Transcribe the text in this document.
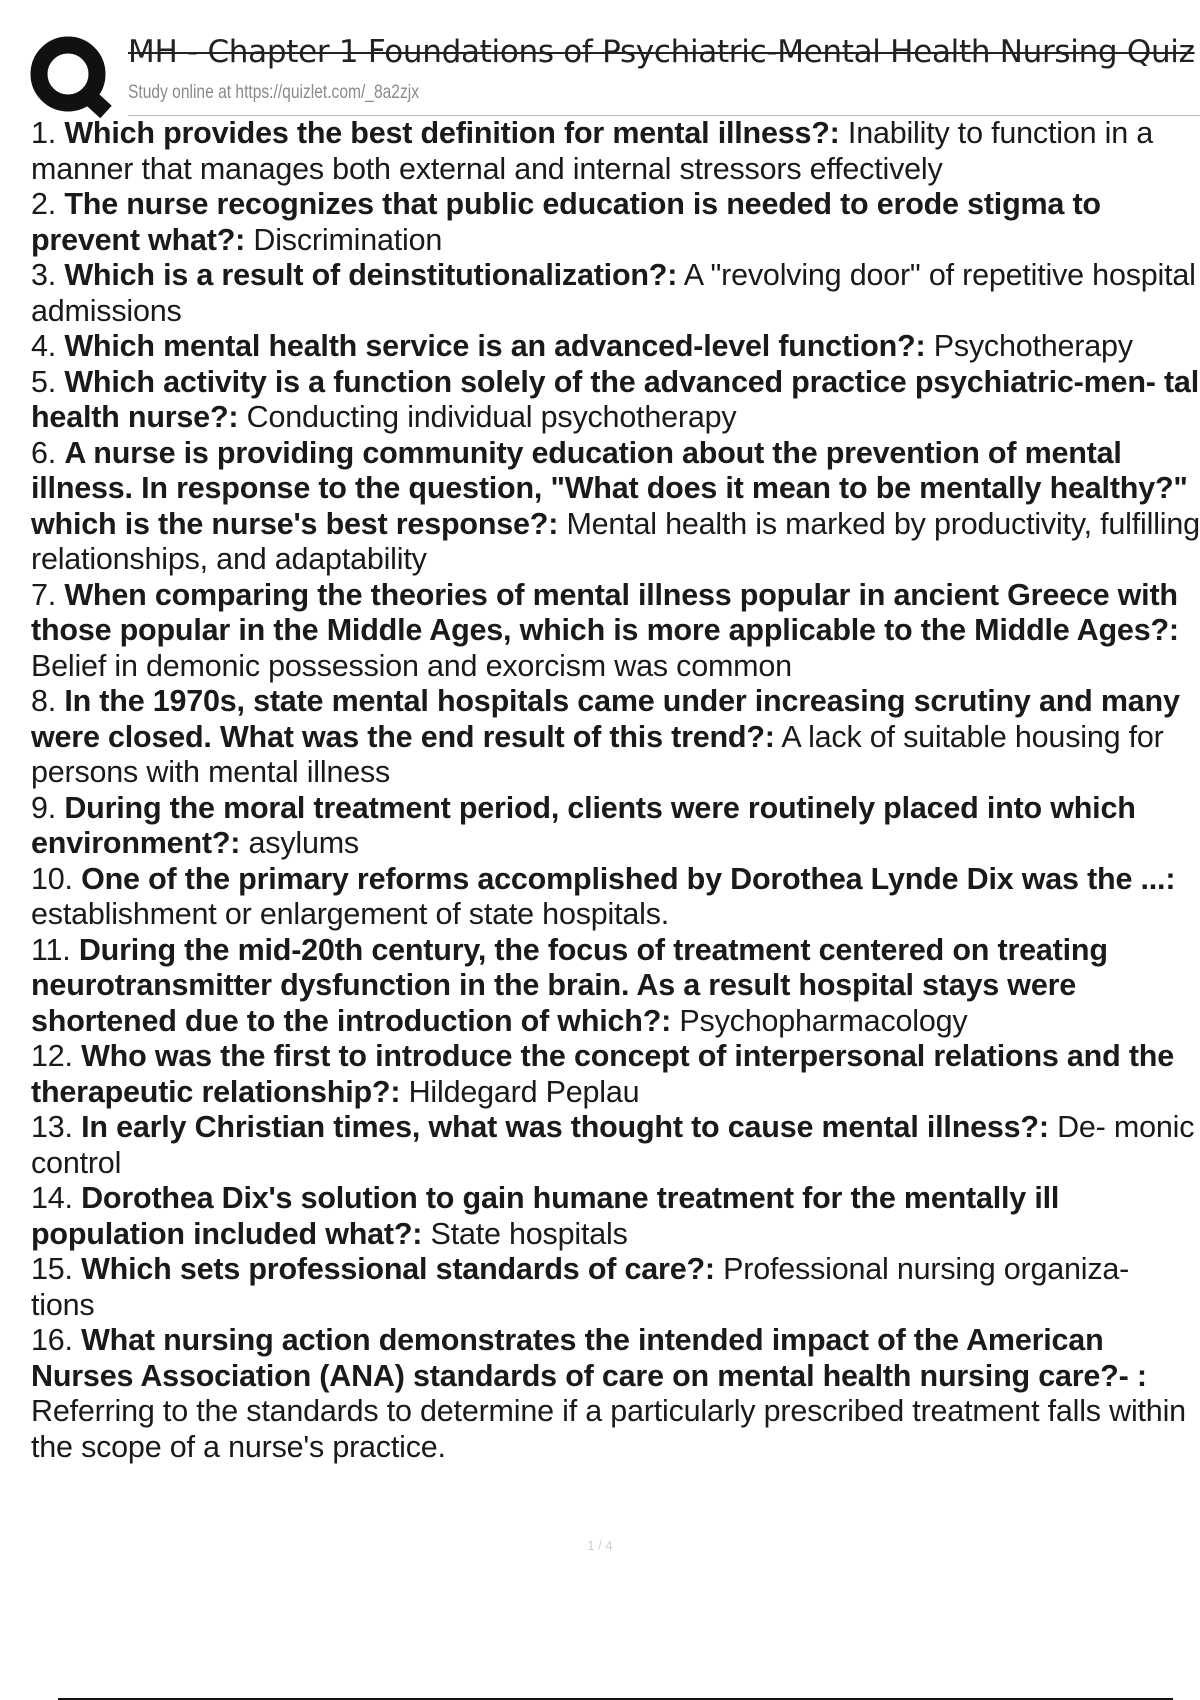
MH - Chapter 1 Foundations of Psychiatric-Mental Health Nursing Quiz
Study online at https://quizlet.com/_8a2zjx

1. Which provides the best definition for mental illness?: Inability to function in a manner that manages both external and internal stressors effectively

2. The nurse recognizes that public education is needed to erode stigma to prevent what?: Discrimination

3. Which is a result of deinstitutionalization?: A "revolving door" of repetitive hospital admissions

4. Which mental health service is an advanced-level function?: Psychotherapy

5. Which activity is a function solely of the advanced practice psychiatric-men- tal health nurse?: Conducting individual psychotherapy

6. A nurse is providing community education about the prevention of mental illness. In response to the question, "What does it mean to be mentally healthy?" which is the nurse's best response?: Mental health is marked by productivity, fulfilling relationships, and adaptability

7. When comparing the theories of mental illness popular in ancient Greece with those popular in the Middle Ages, which is more applicable to the Middle Ages?: Belief in demonic possession and exorcism was common

8. In the 1970s, state mental hospitals came under increasing scrutiny and many were closed. What was the end result of this trend?: A lack of suitable housing for persons with mental illness

9. During the moral treatment period, clients were routinely placed into which environment?: asylums

10. One of the primary reforms accomplished by Dorothea Lynde Dix was the ...: establishment or enlargement of state hospitals.

11. During the mid-20th century, the focus of treatment centered on treating neurotransmitter dysfunction in the brain. As a result hospital stays were shortened due to the introduction of which?: Psychopharmacology

12. Who was the first to introduce the concept of interpersonal relations and the therapeutic relationship?: Hildegard Peplau

13. In early Christian times, what was thought to cause mental illness?: De- monic control

14. Dorothea Dix's solution to gain humane treatment for the mentally ill population included what?: State hospitals

15. Which sets professional standards of care?: Professional nursing organiza- tions

16. What nursing action demonstrates the intended impact of the American Nurses Association (ANA) standards of care on mental health nursing care?- : Referring to the standards to determine if a particularly prescribed treatment falls within the scope of a nurse's practice.

1 / 4
